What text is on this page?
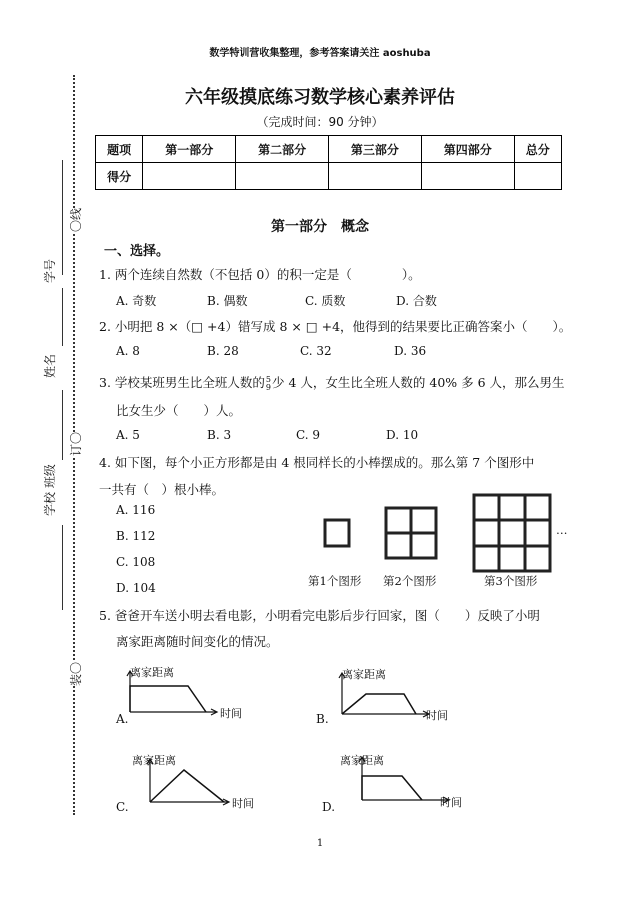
数学特训营收集整理，参考答案请关注 aoshuba
六年级摸底练习数学核心素养评估
（完成时间：90 分钟）
题项	第一部分	第二部分	第三部分	第四部分	总分
得分					
学号
姓名
学校 班级
〇线
订〇
装〇
第一部分　概念
一、选择。
1. 两个连续自然数（不包括 0）的积一定是（　　　　）。
A. 奇数	B. 偶数	C. 质数	D. 合数
2. 小明把 8 ×（□ +4）错写成 8 × □ +4，他得到的结果要比正确答案小（　　）。
A. 8	B. 28	C. 32	D. 36
3. 学校某班男生比全班人数的5
9少 4 人，女生比全班人数的 40% 多 6 人，那么男生
比女生少（　　）人。
A. 5	B. 3	C. 9	D. 10
4. 如下图，每个小正方形都是由 4 根同样长的小棒摆成的。那么第 7 个图形中
一共有（　）根小棒。
A. 116
B. 112
C. 108
D. 104
…
第1个图形 第2个图形	第3个图形
5. 爸爸开车送小明去看电影，小明看完电影后步行回家，图（　　）反映了小明
离家距离随时间变化的情况。
离家距离
时间
A.
离家距离
时间
B.
离家距离
时间
C.
离家距离
时间
D.
1
